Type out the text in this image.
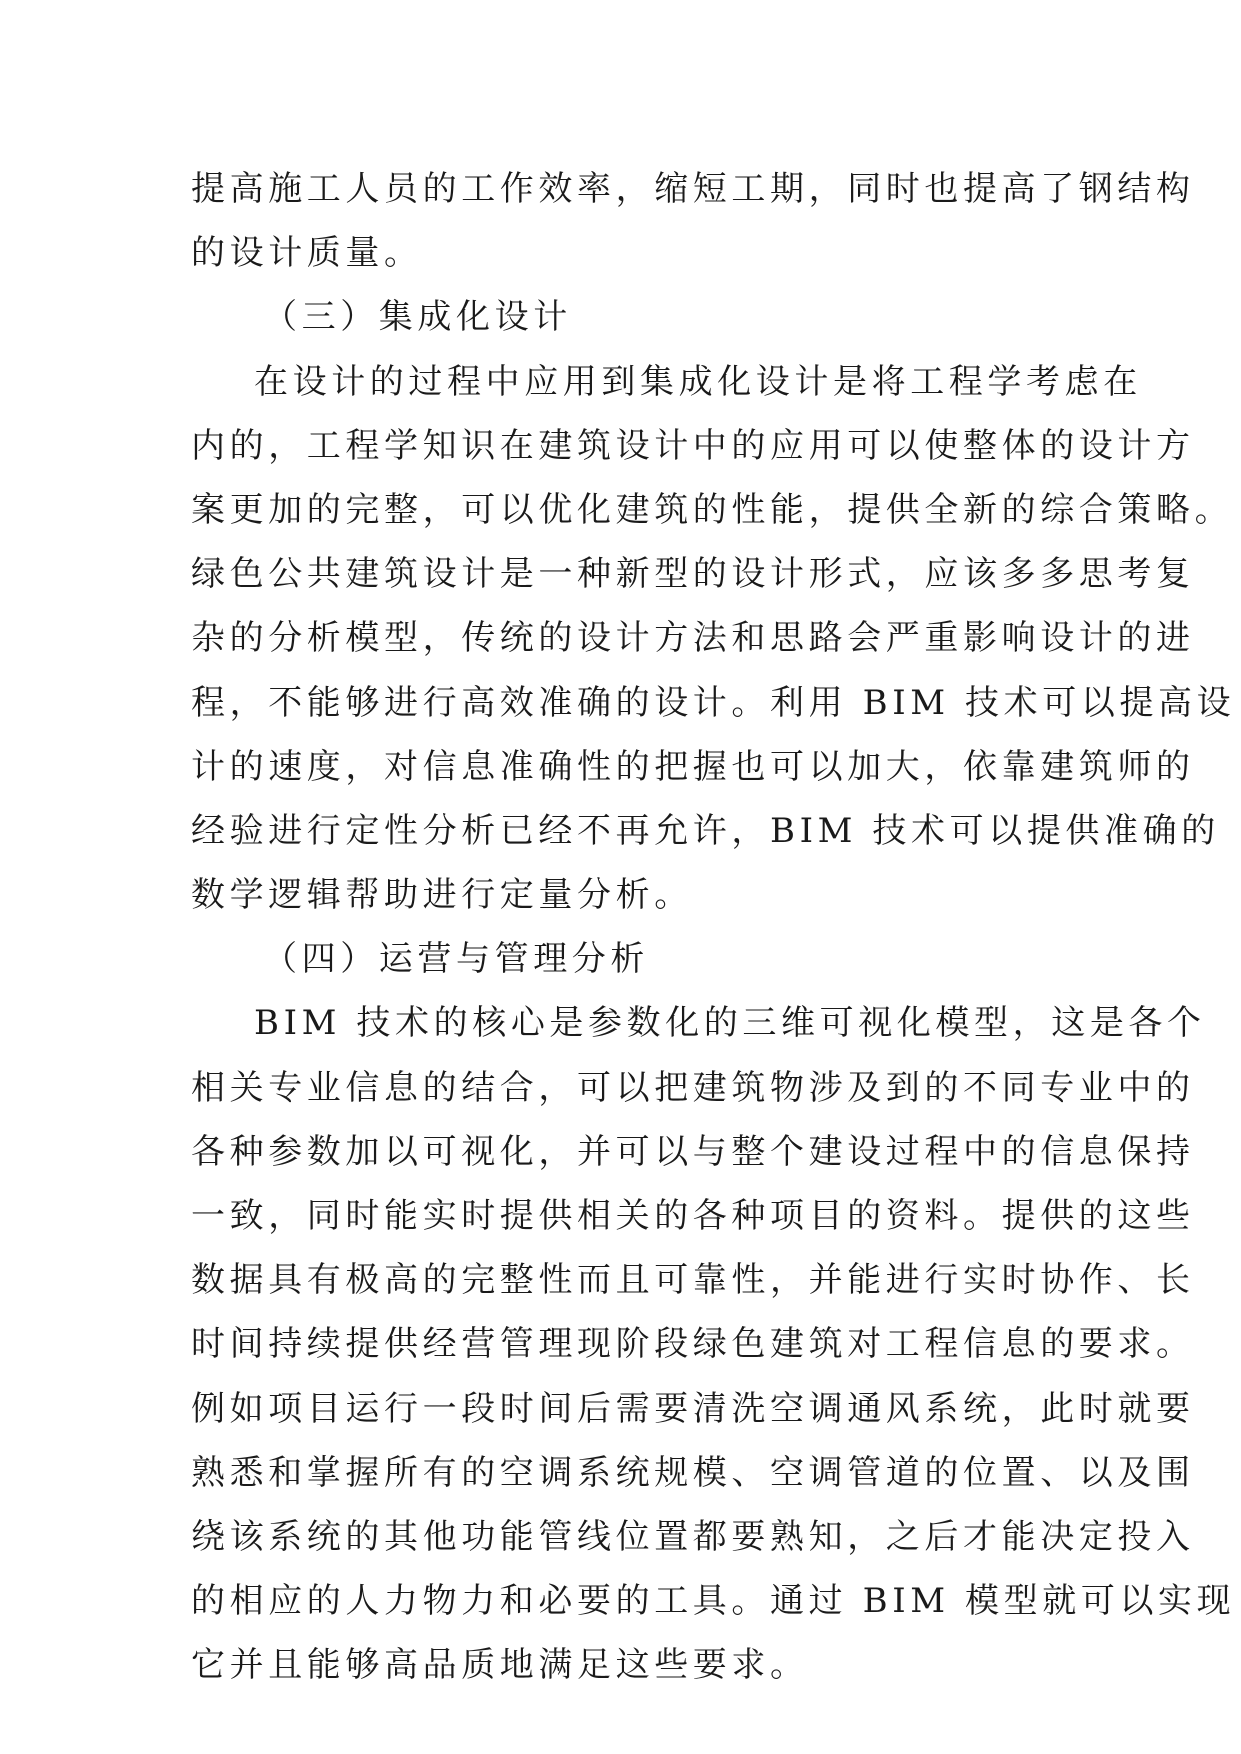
提高施工人员的工作效率，缩短工期，同时也提高了钢结构
的设计质量。
（三）集成化设计
在设计的过程中应用到集成化设计是将工程学考虑在
内的，工程学知识在建筑设计中的应用可以使整体的设计方
案更加的完整，可以优化建筑的性能，提供全新的综合策略。
绿色公共建筑设计是一种新型的设计形式，应该多多思考复
杂的分析模型，传统的设计方法和思路会严重影响设计的进
程，不能够进行高效准确的设计。利用 BIM 技术可以提高设
计的速度，对信息准确性的把握也可以加大，依靠建筑师的
经验进行定性分析已经不再允许，BIM 技术可以提供准确的
数学逻辑帮助进行定量分析。
（四）运营与管理分析
BIM 技术的核心是参数化的三维可视化模型，这是各个
相关专业信息的结合，可以把建筑物涉及到的不同专业中的
各种参数加以可视化，并可以与整个建设过程中的信息保持
一致，同时能实时提供相关的各种项目的资料。提供的这些
数据具有极高的完整性而且可靠性，并能进行实时协作、长
时间持续提供经营管理现阶段绿色建筑对工程信息的要求。
例如项目运行一段时间后需要清洗空调通风系统，此时就要
熟悉和掌握所有的空调系统规模、空调管道的位置、以及围
绕该系统的其他功能管线位置都要熟知，之后才能决定投入
的相应的人力物力和必要的工具。通过 BIM 模型就可以实现
它并且能够高品质地满足这些要求。
